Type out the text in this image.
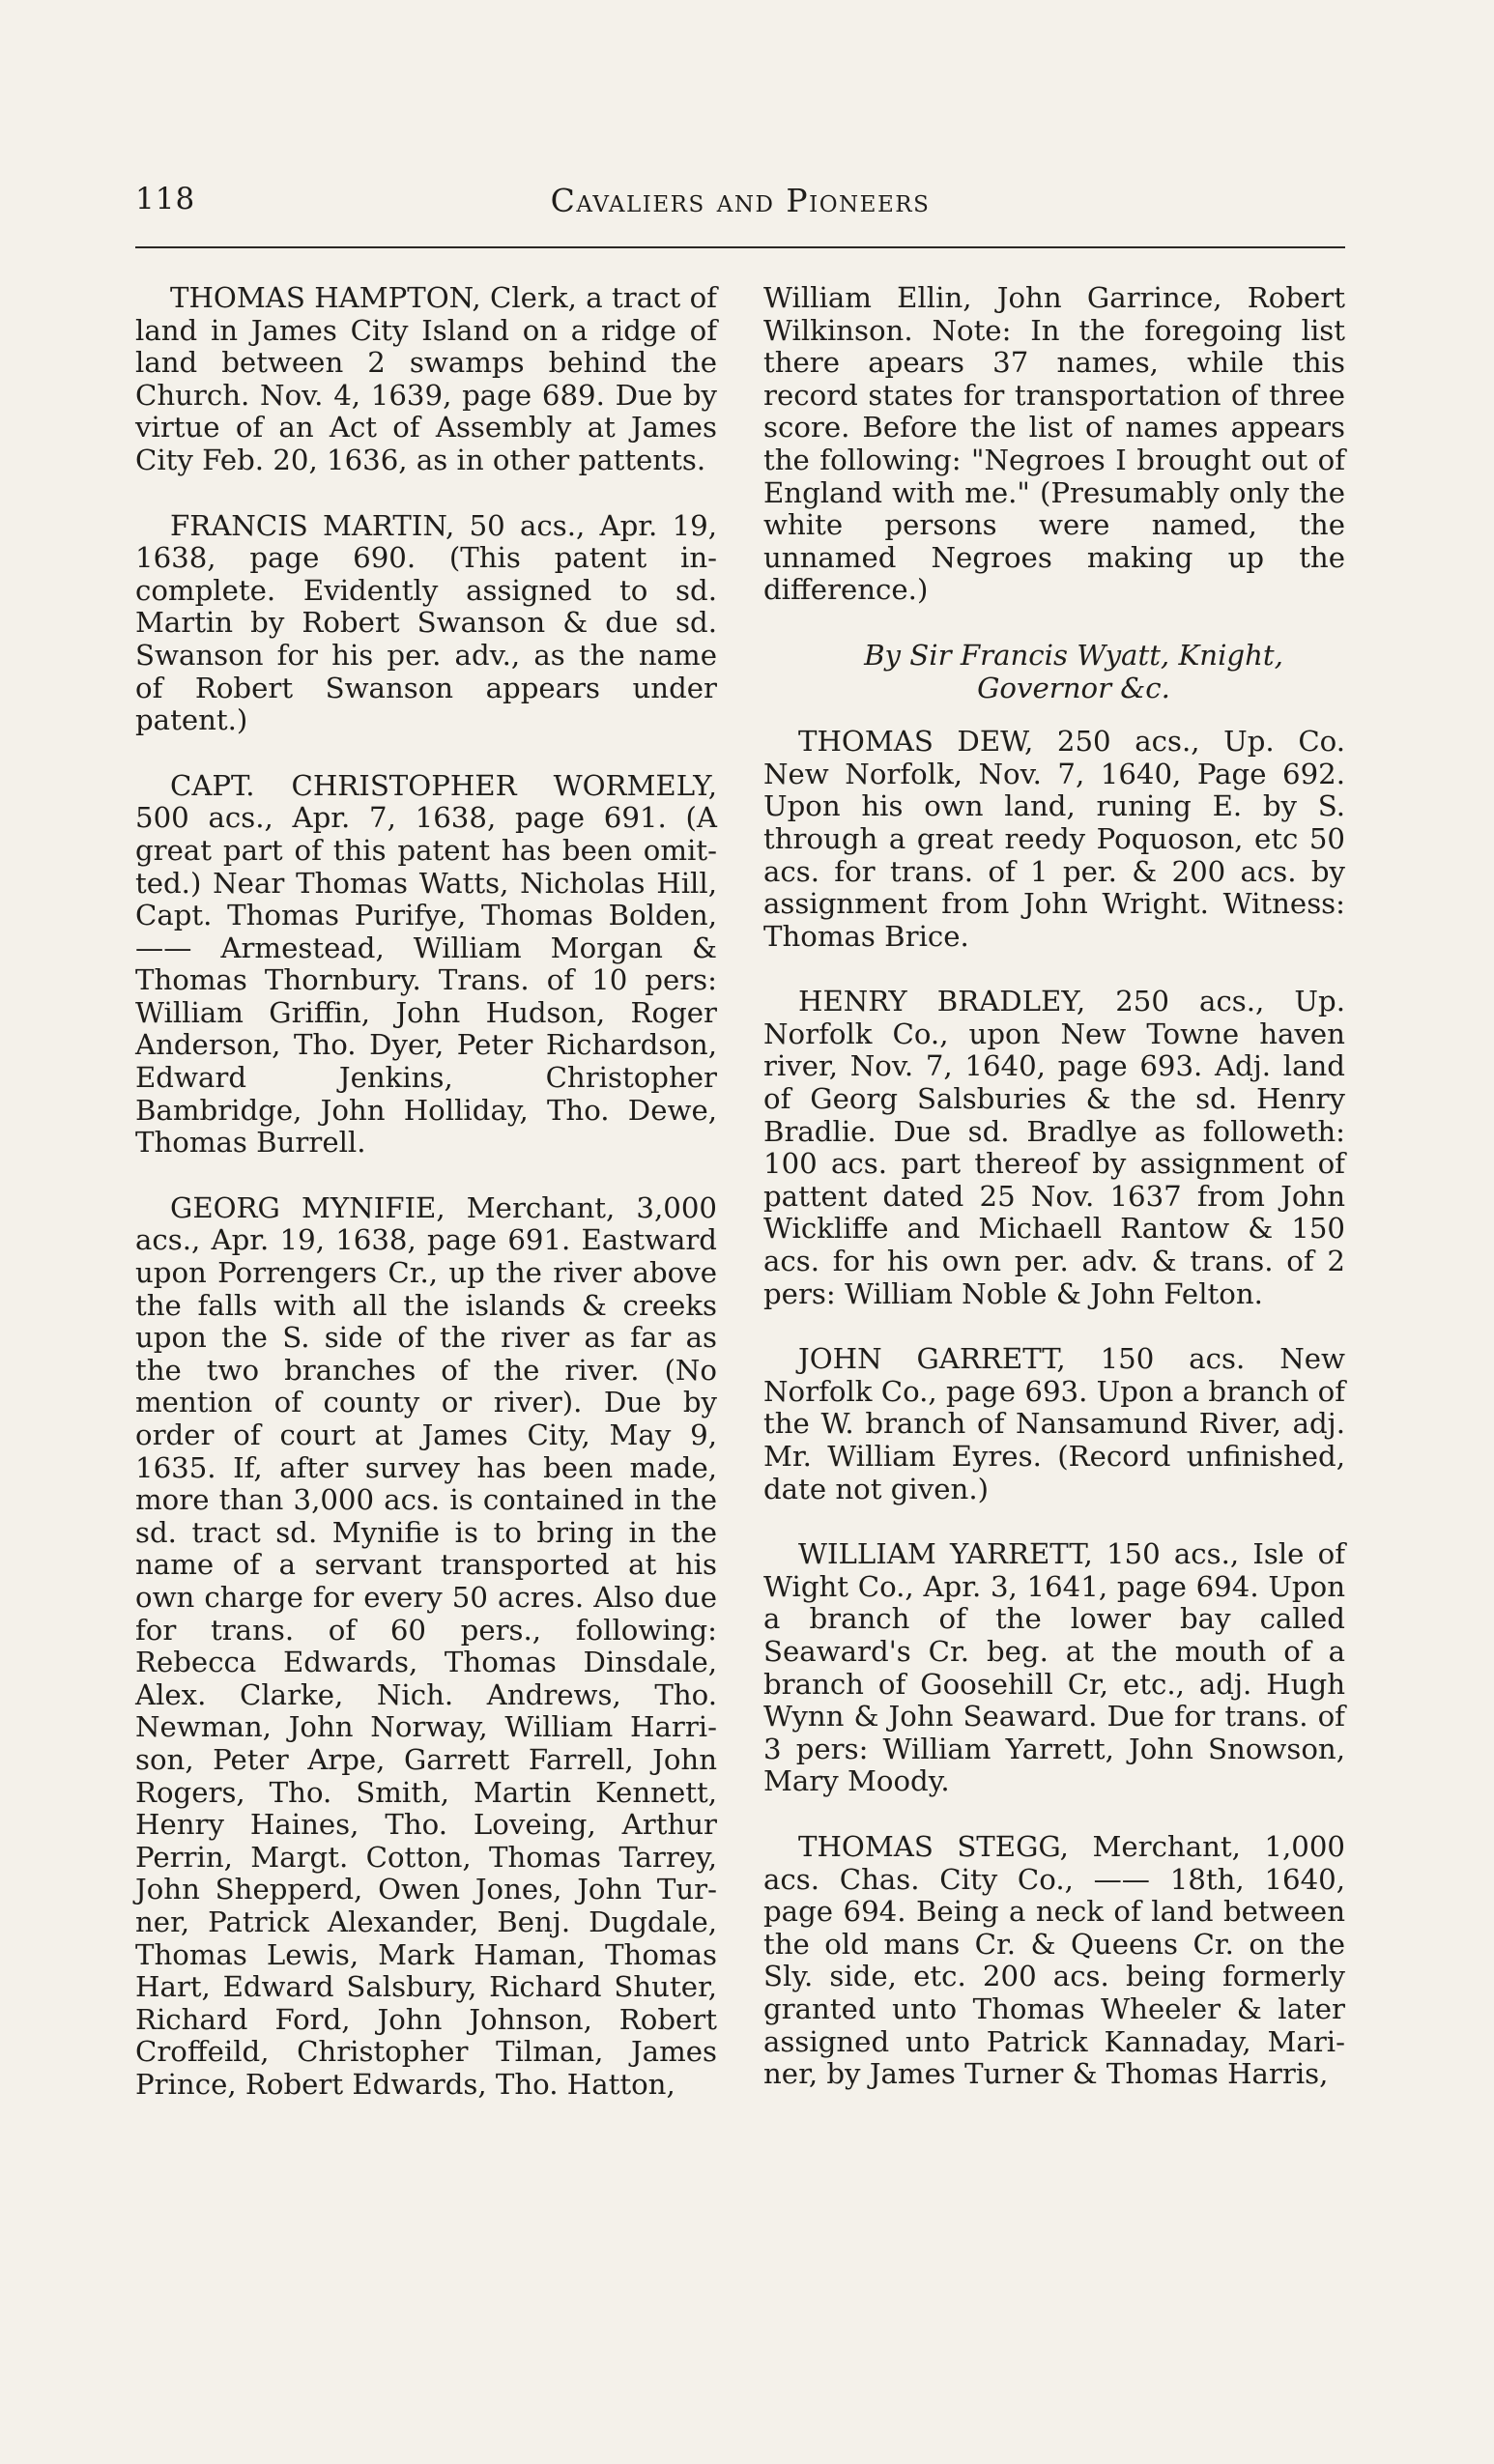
118	Cavaliers and Pioneers

THOMAS HAMPTON, Clerk, a tract of land in James City Island on a ridge of land between 2 swamps behind the Church. Nov. 4, 1639, page 689. Due by virtue of an Act of Assembly at James City Feb. 20, 1636, as in other pattents.

FRANCIS MARTIN, 50 acs., Apr. 19, 1638, page 690. (This patent incomplete. Evidently assigned to sd. Martin by Robert Swanson & due sd. Swanson for his per. adv., as the name of Robert Swanson appears under patent.)

CAPT. CHRISTOPHER WORMELY, 500 acs., Apr. 7, 1638, page 691. (A great part of this patent has been omitted.) Near Thomas Watts, Nicholas Hill, Capt. Thomas Purifye, Thomas Bolden, —— Armestead, William Morgan & Thomas Thornbury. Trans. of 10 pers: William Griffin, John Hudson, Roger Anderson, Tho. Dyer, Peter Richardson, Edward Jenkins, Christopher Bambridge, John Holliday, Tho. Dewe, Thomas Burrell.

GEORG MYNIFIE, Merchant, 3,000 acs., Apr. 19, 1638, page 691. Eastward upon Porrengers Cr., up the river above the falls with all the islands & creeks upon the S. side of the river as far as the two branches of the river. (No mention of county or river). Due by order of court at James City, May 9, 1635. If, after survey has been made, more than 3,000 acs. is contained in the sd. tract sd. Mynifie is to bring in the name of a servant transported at his own charge for every 50 acres. Also due for trans. of 60 pers., following: Rebecca Edwards, Thomas Dinsdale, Alex. Clarke, Nich. Andrews, Tho. Newman, John Norway, William Harrison, Peter Arpe, Garrett Farrell, John Rogers, Tho. Smith, Martin Kennett, Henry Haines, Tho. Loveing, Arthur Perrin, Margt. Cotton, Thomas Tarrey, John Shepperd, Owen Jones, John Turner, Patrick Alexander, Benj. Dugdale, Thomas Lewis, Mark Haman, Thomas Hart, Edward Salsbury, Richard Shuter, Richard Ford, John Johnson, Robert Croffeild, Christopher Tilman, James Prince, Robert Edwards, Tho. Hatton,

William Ellin, John Garrince, Robert Wilkinson. Note: In the foregoing list there apears 37 names, while this record states for transportation of three score. Before the list of names appears the following: "Negroes I brought out of England with me." (Presumably only the white persons were named, the unnamed Negroes making up the difference.)

By Sir Francis Wyatt, Knight,
Governor &c.

THOMAS DEW, 250 acs., Up. Co. New Norfolk, Nov. 7, 1640, Page 692. Upon his own land, runing E. by S. through a great reedy Poquoson, etc 50 acs. for trans. of 1 per. & 200 acs. by assignment from John Wright. Witness: Thomas Brice.

HENRY BRADLEY, 250 acs., Up. Norfolk Co., upon New Towne haven river, Nov. 7, 1640, page 693. Adj. land of Georg Salsburies & the sd. Henry Bradlie. Due sd. Bradlye as followeth: 100 acs. part thereof by assignment of pattent dated 25 Nov. 1637 from John Wickliffe and Michaell Rantow & 150 acs. for his own per. adv. & trans. of 2 pers: William Noble & John Felton.

JOHN GARRETT, 150 acs. New Norfolk Co., page 693. Upon a branch of the W. branch of Nansamund River, adj. Mr. William Eyres. (Record unfinished, date not given.)

WILLIAM YARRETT, 150 acs., Isle of Wight Co., Apr. 3, 1641, page 694. Upon a branch of the lower bay called Seaward's Cr. beg. at the mouth of a branch of Goosehill Cr, etc., adj. Hugh Wynn & John Seaward. Due for trans. of 3 pers: William Yarrett, John Snowson, Mary Moody.

THOMAS STEGG, Merchant, 1,000 acs. Chas. City Co., —— 18th, 1640, page 694. Being a neck of land between the old mans Cr. & Queens Cr. on the Sly. side, etc. 200 acs. being formerly granted unto Thomas Wheeler & later assigned unto Patrick Kannaday, Mariner, by James Turner & Thomas Harris,
